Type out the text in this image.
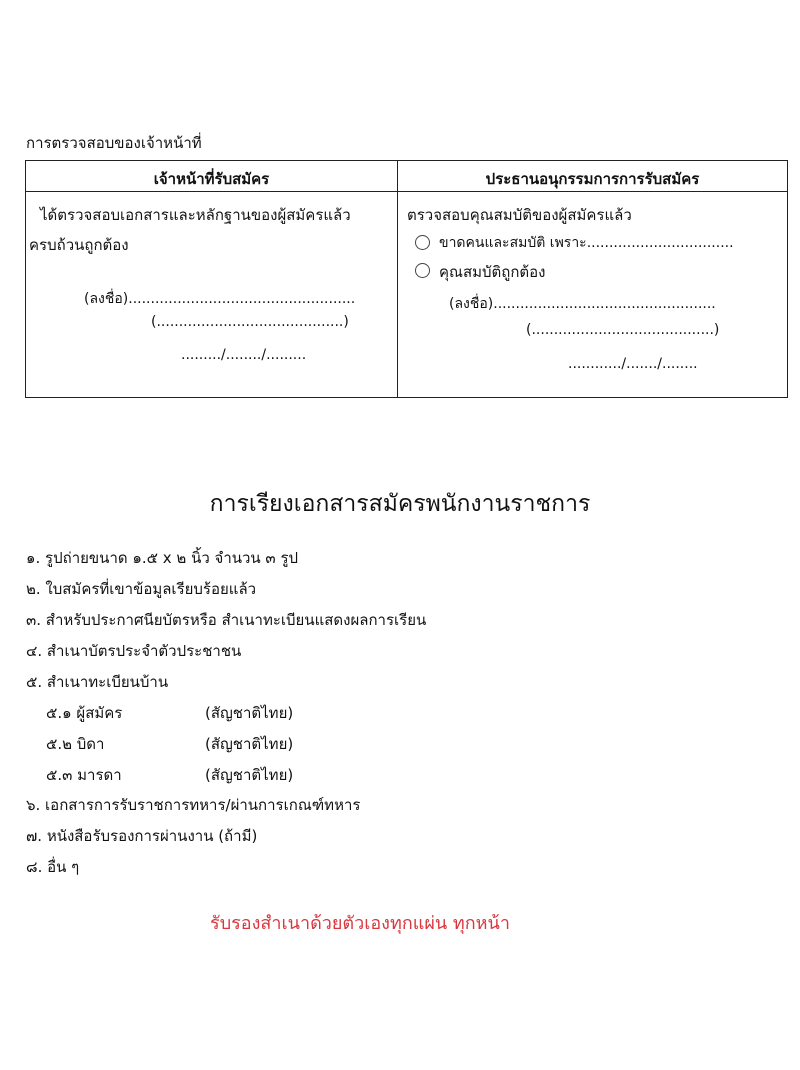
การตรวจสอบของเจ้าหน้าที่
เจ้าหน้าที่รับสมัคร	ประธานอนุกรรมการการรับสมัคร
ได้ตรวจสอบเอกสารและหลักฐานของผู้สมัครแล้ว
ครบถ้วนถูกต้อง
(ลงชื่อ)...................................................
(..........................................)
........./......../.........
ตรวจสอบคุณสมบัติของผู้สมัครแล้ว
ขาดคนและสมบัติ เพราะ.................................
คุณสมบัติถูกต้อง
(ลงชื่อ)..................................................
(.........................................)
............/......./........
การเรียงเอกสารสมัครพนักงานราชการ
๑. รูปถ่ายขนาด ๑.๕ x ๒ นิ้ว จำนวน ๓ รูป
๒. ใบสมัครที่เขาข้อมูลเรียบร้อยแล้ว
๓. สำหรับประกาศนียบัตรหรือ สำเนาทะเบียนแสดงผลการเรียน
๔. สำเนาบัตรประจำตัวประชาชน
๕. สำเนาทะเบียนบ้าน
๕.๑ ผู้สมัคร	(สัญชาติไทย)
๕.๒ บิดา	(สัญชาติไทย)
๕.๓ มารดา	(สัญชาติไทย)
๖. เอกสารการรับราชการทหาร/ผ่านการเกณฑ์ทหาร
๗. หนังสือรับรองการผ่านงาน (ถ้ามี)
๘. อื่น ๆ
รับรองสำเนาด้วยตัวเองทุกแผ่น ทุกหน้า
